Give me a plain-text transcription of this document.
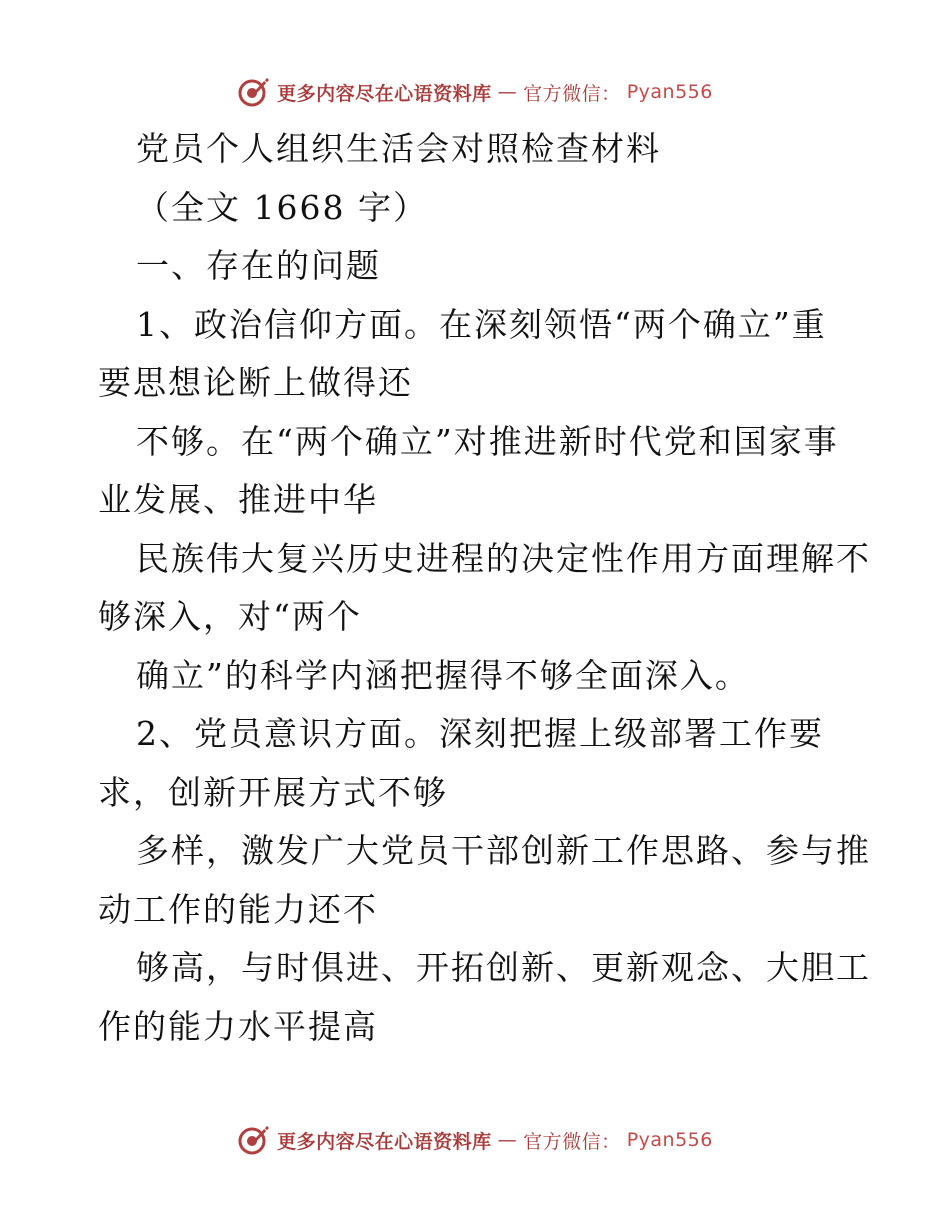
更多内容尽在心语资料库 — 官方微信： Pyan556
党员个人组织生活会对照检查材料
（全文 1668 字）
一、存在的问题
1、政治信仰方面。在深刻领悟“两个确立”重
要思想论断上做得还
不够。在“两个确立”对推进新时代党和国家事
业发展、推进中华
民族伟大复兴历史进程的决定性作用方面理解不
够深入，对“两个
确立”的科学内涵把握得不够全面深入。
2、党员意识方面。深刻把握上级部署工作要
求，创新开展方式不够
多样，激发广大党员干部创新工作思路、参与推
动工作的能力还不
够高，与时俱进、开拓创新、更新观念、大胆工
作的能力水平提高
更多内容尽在心语资料库 — 官方微信： Pyan556
